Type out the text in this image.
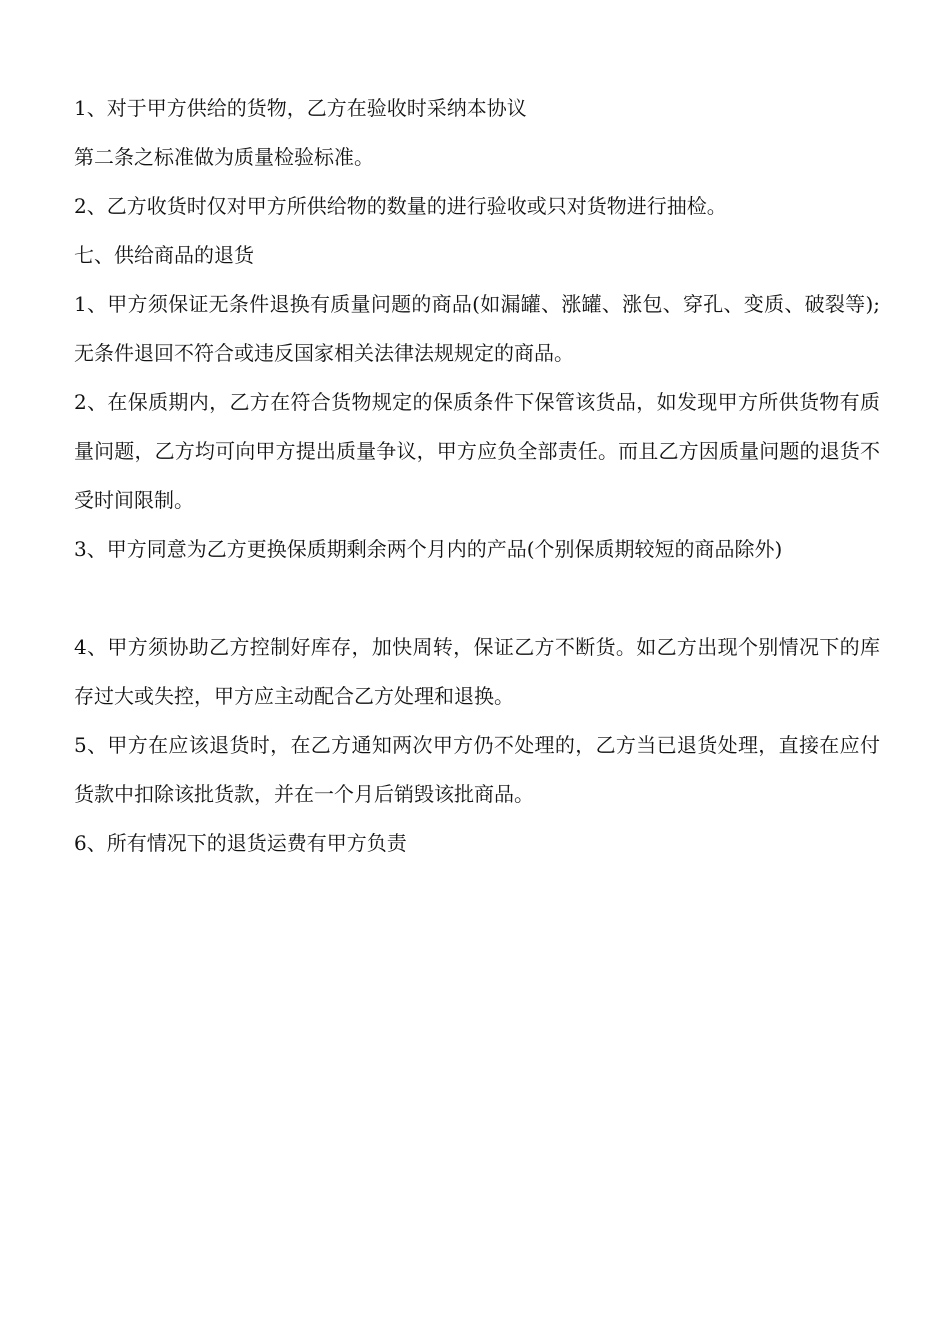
1、对于甲方供给的货物，乙方在验收时采纳本协议

第二条之标准做为质量检验标准。

2、乙方收货时仅对甲方所供给物的数量的进行验收或只对货物进行抽检。

七、供给商品的退货

1、甲方须保证无条件退换有质量问题的商品(如漏罐、涨罐、涨包、穿孔、变质、破裂等);无条件退回不符合或违反国家相关法律法规规定的商品。

2、在保质期内，乙方在符合货物规定的保质条件下保管该货品，如发现甲方所供货物有质量问题，乙方均可向甲方提出质量争议，甲方应负全部责任。而且乙方因质量问题的退货不受时间限制。

3、甲方同意为乙方更换保质期剩余两个月内的产品(个别保质期较短的商品除外)

4、甲方须协助乙方控制好库存，加快周转，保证乙方不断货。如乙方出现个别情况下的库存过大或失控，甲方应主动配合乙方处理和退换。

5、甲方在应该退货时，在乙方通知两次甲方仍不处理的，乙方当已退货处理，直接在应付货款中扣除该批货款，并在一个月后销毁该批商品。

6、所有情况下的退货运费有甲方负责
